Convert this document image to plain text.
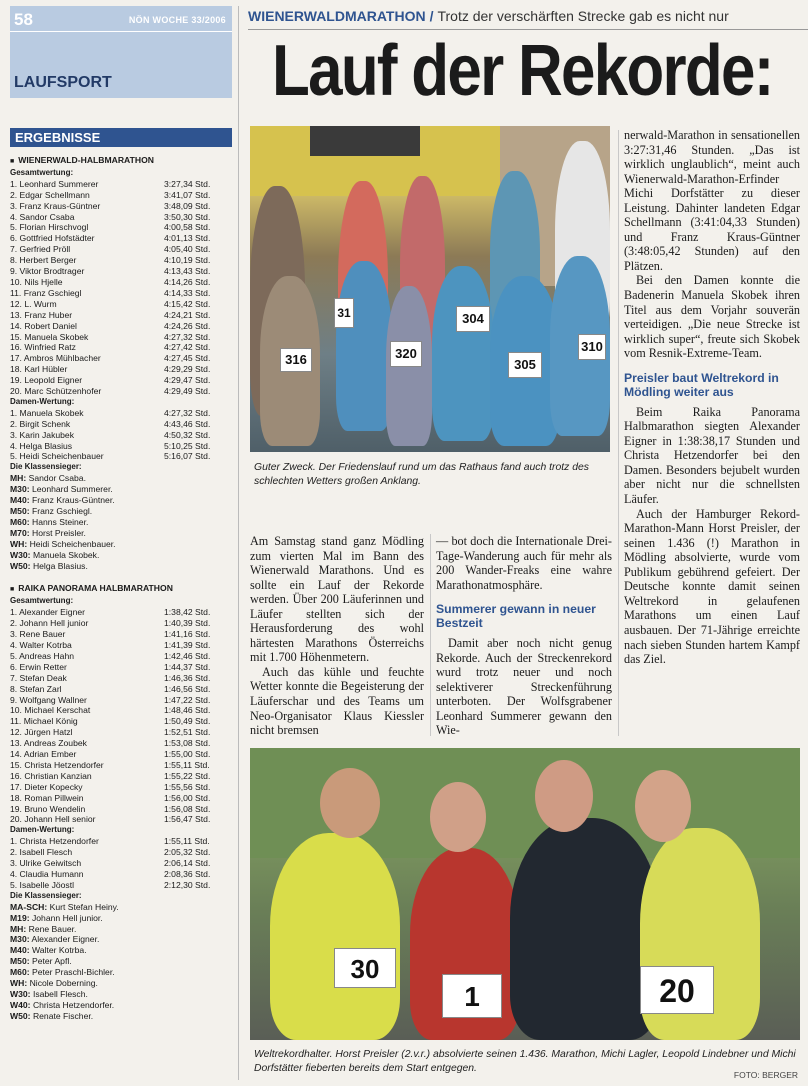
58	NÖN WOCHE 33/2006
LAUFSPORT
ERGEBNISSE
■ WIENERWALD-HALBMARATHON
Gesamtwertung:
1. Leonhard Summerer	3:27,34 Std.
2. Edgar Schellmann	3:41,07 Std.
3. Franz Kraus-Güntner	3:48,09 Std.
4. Sandor Csaba	3:50,30 Std.
5. Florian Hirschvogl	4:00,58 Std.
6. Gottfried Hofstädter	4:01,13 Std.
7. Gerfried Pröll	4:05,40 Std.
8. Herbert Berger	4:10,19 Std.
9. Viktor Brodtrager	4:13,43 Std.
10. Nils Hjelle	4:14,26 Std.
11. Franz Gschiegl	4:14,33 Std.
12. L. Wurm	4:15,42 Std.
13. Franz Huber	4:24,21 Std.
14. Robert Daniel	4:24,26 Std.
15. Manuela Skobek	4:27,32 Std.
16. Winfried Ratz	4:27,42 Std.
17. Ambros Mühlbacher	4:27,45 Std.
18. Karl Hübler	4:29,29 Std.
19. Leopold Eigner	4:29,47 Std.
20. Marc Schützenhofer	4:29,49 Std.
Damen-Wertung:
1. Manuela Skobek	4:27,32 Std.
2. Birgit Schenk	4:43,46 Std.
3. Karin Jakubek	4:50,32 Std.
4. Helga Blasius	5:10,25 Std.
5. Heidi Scheichenbauer	5:16,07 Std.
Die Klassensieger:
MH: Sandor Csaba.
M30: Leonhard Summerer.
M40: Franz Kraus-Güntner.
M50: Franz Gschiegl.
M60: Hanns Steiner.
M70: Horst Preisler.
WH: Heidi Scheichenbauer.
W30: Manuela Skobek.
W50: Helga Blasius.
■ RAIKA PANORAMA HALBMARATHON
Gesamtwertung:
1. Alexander Eigner	1:38,42 Std.
2. Johann Hell junior	1:40,39 Std.
3. Rene Bauer	1:41,16 Std.
4. Walter Kotrba	1:41,39 Std.
5. Andreas Hahn	1:42,46 Std.
6. Erwin Retter	1:44,37 Std.
7. Stefan Deak	1:46,36 Std.
8. Stefan Zarl	1:46,56 Std.
9. Wolfgang Wallner	1:47,22 Std.
10. Michael Kerschat	1:48,46 Std.
11. Michael König	1:50,49 Std.
12. Jürgen Hatzl	1:52,51 Std.
13. Andreas Zoubek	1:53,08 Std.
14. Adrian Ember	1:55,00 Std.
15. Christa Hetzendorfer	1:55,11 Std.
16. Christian Kanzian	1:55,22 Std.
17. Dieter Kopecky	1:55,56 Std.
18. Roman Pillwein	1:56,00 Std.
19. Bruno Wendelin	1:56,08 Std.
20. Johann Hell senior	1:56,47 Std.
Damen-Wertung:
1. Christa Hetzendorfer	1:55,11 Std.
2. Isabell Flesch	2:05,32 Std.
3. Ulrike Geiwitsch	2:06,14 Std.
4. Claudia Humann	2:08,36 Std.
5. Isabelle Jöostl	2:12,30 Std.
Die Klassensieger:
MA-SCH: Kurt Stefan Heiny.
M19: Johann Hell junior.
MH: Rene Bauer.
M30: Alexander Eigner.
M40: Walter Kotrba.
M50: Peter Apfl.
M60: Peter Praschl-Bichler.
WH: Nicole Doberning.
W30: Isabell Flesch.
W40: Christa Hetzendorfer.
W50: Renate Fischer.
WIENERWALDMARATHON / Trotz der verschärften Strecke gab es nicht nur
Lauf der Rekorde:
316
304
320
305
310
31
Guter Zweck. Der Friedenslauf rund um das Rathaus fand auch trotz des schlechten Wetters großen Anklang.

Am Samstag stand ganz Mödling zum vierten Mal im Bann des Wienerwald Marathons. Und es sollte ein Lauf der Rekorde werden. Über 200 Läuferinnen und Läufer stellten sich der Herausforderung des wohl härtesten Marathons Österreichs mit 1.700 Höhenmetern.

Auch das kühle und feuchte Wetter konnte die Begeisterung der Läuferschar und des Teams um Neo-Organisator Klaus Kiessler nicht bremsen

— bot doch die Internationale Drei-Tage-Wanderung auch für mehr als 200 Wander-Freaks eine wahre Marathonatmosphäre.

Summerer gewann in neuer Bestzeit

Damit aber noch nicht genug Rekorde. Auch der Streckenrekord wurd trotz neuer und noch selektiverer Streckenführung unterboten. Der Wolfsgrabener Leonhard Summerer gewann den Wie-

nerwald-Marathon in sensationellen 3:27:31,46 Stunden. „Das ist wirklich unglaublich“, meint auch Wienerwald-Marathon-Erfinder Michi Dorfstätter zu dieser Leistung. Dahinter landeten Edgar Schellmann (3:41:04,33 Stunden) und Franz Kraus-Güntner (3:48:05,42 Stunden) auf den Plätzen.

Bei den Damen konnte die Badenerin Manuela Skobek ihren Titel aus dem Vorjahr souverän verteidigen. „Die neue Strecke ist wirklich super“, freute sich Skobek vom Resnik-Extreme-Team.

Preisler baut Weltrekord in Mödling weiter aus

Beim Raika Panorama Halbmarathon siegten Alexander Eigner in 1:38:38,17 Stunden und Christa Hetzendorfer bei den Damen. Besonders bejubelt wurden aber nicht nur die schnellsten Läufer.

Auch der Hamburger Rekord-Marathon-Mann Horst Preisler, der seinen 1.436 (!) Marathon in Mödling absolvierte, wurde vom Publikum gebührend gefeiert. Der Deutsche konnte damit seinen Weltrekord in gelaufenen Marathons um einen Lauf ausbauen. Der 71-Jährige erreichte nach sieben Stunden hartem Kampf das Ziel.

30
1	20
Weltrekordhalter. Horst Preisler (2.v.r.) absolvierte seinen 1.436. Marathon, Michi Lagler, Leopold Lindebner und Michi Dorfstätter fieberten bereits dem Start entgegen.
FOTO: BERGER
